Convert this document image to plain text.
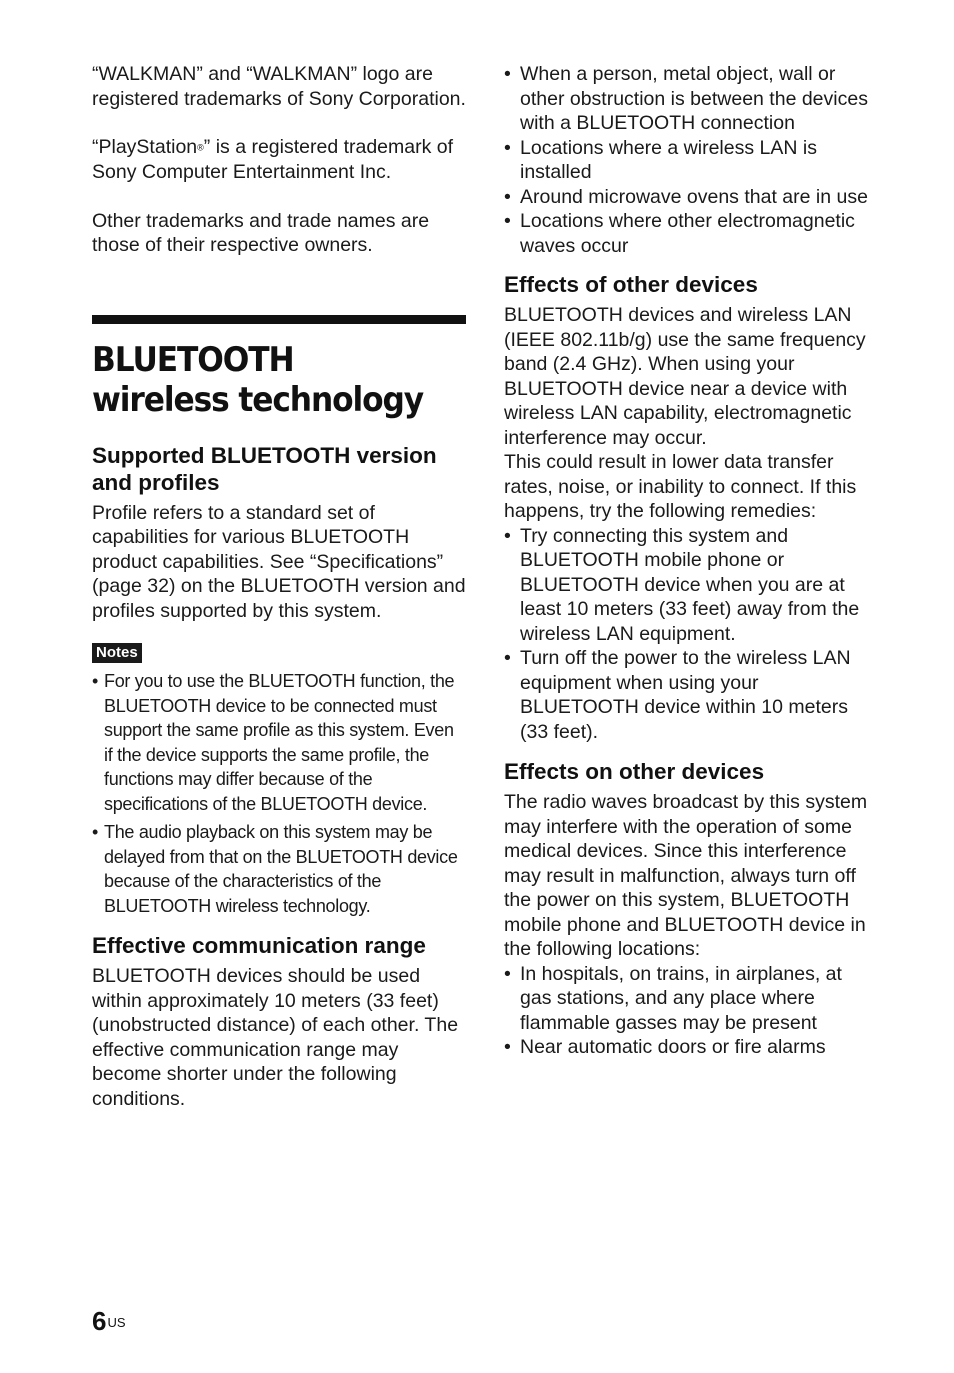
“WALKMAN” and “WALKMAN” logo are registered trademarks of Sony Corporation.

“PlayStation®” is a registered trademark of Sony Computer Entertainment Inc.

Other trademarks and trade names are those of their respective owners.

BLUETOOTH wireless technology
Supported BLUETOOTH version and profiles

Profile refers to a standard set of capabilities for various BLUETOOTH product capabilities. See “Specifications” (page 32) on the BLUETOOTH version and profiles supported by this system.

Notes
• For you to use the BLUETOOTH function, the BLUETOOTH device to be connected must support the same profile as this system. Even if the device supports the same profile, the functions may differ because of the specifications of the BLUETOOTH device.
• The audio playback on this system may be delayed from that on the BLUETOOTH device because of the characteristics of the BLUETOOTH wireless technology.
Effective communication range

BLUETOOTH devices should be used within approximately 10 meters (33 feet) (unobstructed distance) of each other. The effective communication range may become shorter under the following conditions.

• When a person, metal object, wall or other obstruction is between the devices with a BLUETOOTH connection
• Locations where a wireless LAN is installed
• Around microwave ovens that are in use
• Locations where other electromagnetic waves occur
Effects of other devices

BLUETOOTH devices and wireless LAN (IEEE 802.11b/g) use the same frequency band (2.4 GHz). When using your BLUETOOTH device near a device with wireless LAN capability, electromagnetic interference may occur.

This could result in lower data transfer rates, noise, or inability to connect. If this happens, try the following remedies:

• Try connecting this system and BLUETOOTH mobile phone or BLUETOOTH device when you are at least 10 meters (33 feet) away from the wireless LAN equipment.
• Turn off the power to the wireless LAN equipment when using your BLUETOOTH device within 10 meters (33 feet).
Effects on other devices

The radio waves broadcast by this system may interfere with the operation of some medical devices. Since this interference may result in malfunction, always turn off the power on this system, BLUETOOTH mobile phone and BLUETOOTH device in the following locations:

• In hospitals, on trains, in airplanes, at gas stations, and any place where flammable gasses may be present
• Near automatic doors or fire alarms
$6^{US}$
